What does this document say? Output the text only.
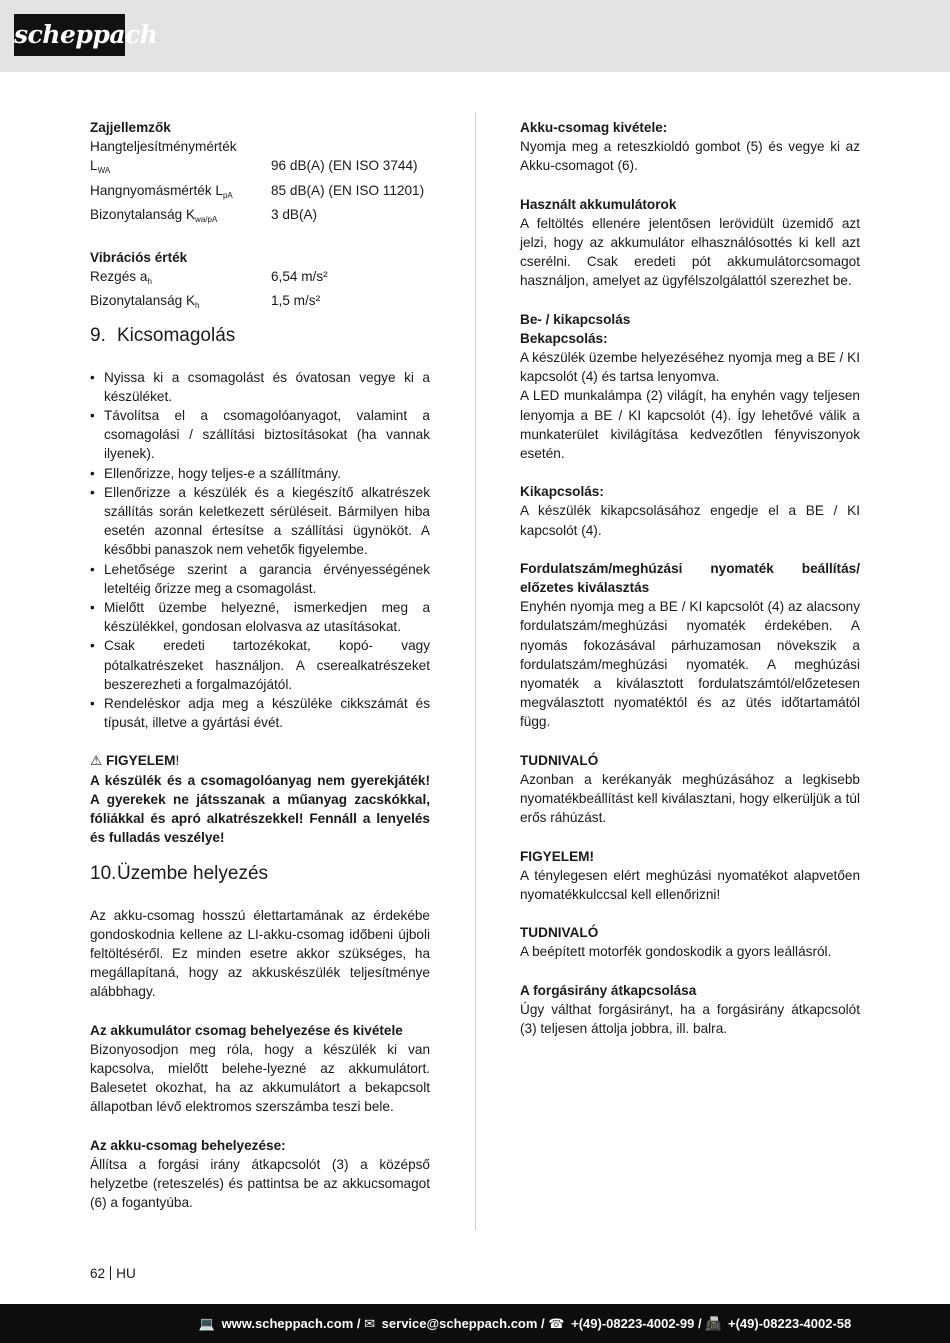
scheppach
Zajjellemzők
Hangteljesítménymérték
$L_{WA}$	96 dB(A) (EN ISO 3744)
Hangnyomásmérték $L_{pA}$	85 dB(A) (EN ISO 11201)
Bizonytalanság $K_{wa/pA}$	3 dB(A)
Vibrációs érték
Rezgés $a_h$	6,54 m/s²
Bizonytalanság $K_h$	1,5 m/s²
9. Kicsomagolás
• Nyissa ki a csomagolást és óvatosan vegye ki a készüléket.
• Távolítsa el a csomagolóanyagot, valamint a csomagolási / szállítási biztosításokat (ha vannak ilyenek).
• Ellenőrizze, hogy teljes-e a szállítmány.
• Ellenőrizze a készülék és a kiegészítő alkatrészek szállítás során keletkezett sérüléseit. Bármilyen hiba esetén azonnal értesítse a szállítási ügynököt. A későbbi panaszok nem vehetők figyelembe.
• Lehetősége szerint a garancia érvényességének leteltéig őrizze meg a csomagolást.
• Mielőtt üzembe helyezné, ismerkedjen meg a készülékkel, gondosan elolvasva az utasításokat.
• Csak eredeti tartozékokat, kopó- vagy pótalkatrészeket használjon. A cserealkatrészeket beszerezheti a forgalmazójától.
• Rendeléskor adja meg a készüléke cikkszámát és típusát, illetve a gyártási évét.
⚠ FIGYELEM!
A készülék és a csomagolóanyag nem gyerekjáték! A gyerekek ne játsszanak a műanyag zacskókkal, fóliákkal és apró alkatrészekkel! Fennáll a lenyelés és fulladás veszélye!
10.Üzembe helyezés
Az akku-csomag hosszú élettartamának az érdekébe gondoskodnia kellene az LI-akku-csomag időbeni újboli feltöltéséről. Ez minden esetre akkor szükséges, ha megállapítaná, hogy az akkuskészülék teljesítménye alábbhagy.
Az akkumulátor csomag behelyezése és kivétele
Bizonyosodjon meg róla, hogy a készülék ki van kapcsolva, mielőtt belehe-lyezné az akkumulátort. Balesetet okozhat, ha az akkumulátort a bekapcsolt állapotban lévő elektromos szerszámba teszi bele.
Az akku-csomag behelyezése:
Állítsa a forgási irány átkapcsolót (3) a középső helyzetbe (reteszelés) és pattintsa be az akkucsomagot (6) a fogantyúba.
Akku-csomag kivétele:
Nyomja meg a reteszkioldó gombot (5) és vegye ki az Akku-csomagot (6).
Használt akkumulátorok
A feltöltés ellenére jelentősen lerövidült üzemidő azt jelzi, hogy az akkumulátor elhasználósottés ki kell azt cserélni. Csak eredeti pót akkumulátorcsomagot használjon, amelyet az ügyfélszolgálattól szerezhet be.
Be- / kikapcsolás
Bekapcsolás:
A készülék üzembe helyezéséhez nyomja meg a BE / KI kapcsolót (4) és tartsa lenyomva.
A LED munkalámpa (2) világít, ha enyhén vagy teljesen lenyomja a BE / KI kapcsolót (4). Így lehetővé válik a munkaterület kivilágítása kedvezőtlen fényviszonyok esetén.
Kikapcsolás:
A készülék kikapcsolásához engedje el a BE / KI kapcsolót (4).
Fordulatszám/meghúzási nyomaték beállítás/ előzetes kiválasztás
Enyhén nyomja meg a BE / KI kapcsolót (4) az alacsony fordulatszám/meghúzási nyomaték érdekében. A nyomás fokozásával párhuzamosan növekszik a fordulatszám/meghúzási nyomaték. A meghúzási nyomaték a kiválasztott fordulatszámtól/előzetesen megválasztott nyomatéktól és az ütés időtartamától függ.
TUDNIVALÓ
Azonban a kerékanyák meghúzásához a legkisebb nyomatékbeállítást kell kiválasztani, hogy elkerüljük a túl erős ráhúzást.
FIGYELEM!
A ténylegesen elért meghúzási nyomatékot alapvetően nyomatékkulccsal kell ellenőrizni!
TUDNIVALÓ
A beépített motorfék gondoskodik a gyors leállásról.
A forgásirány átkapcsolása
Úgy válthat forgásirányt, ha a forgásirány átkapcsolót (3) teljesen áttolja jobbra, ill. balra.
62 HU
💻 www.scheppach.com / ✉ service@scheppach.com / ☎ +(49)-08223-4002-99 / 📠 +(49)-08223-4002-58
